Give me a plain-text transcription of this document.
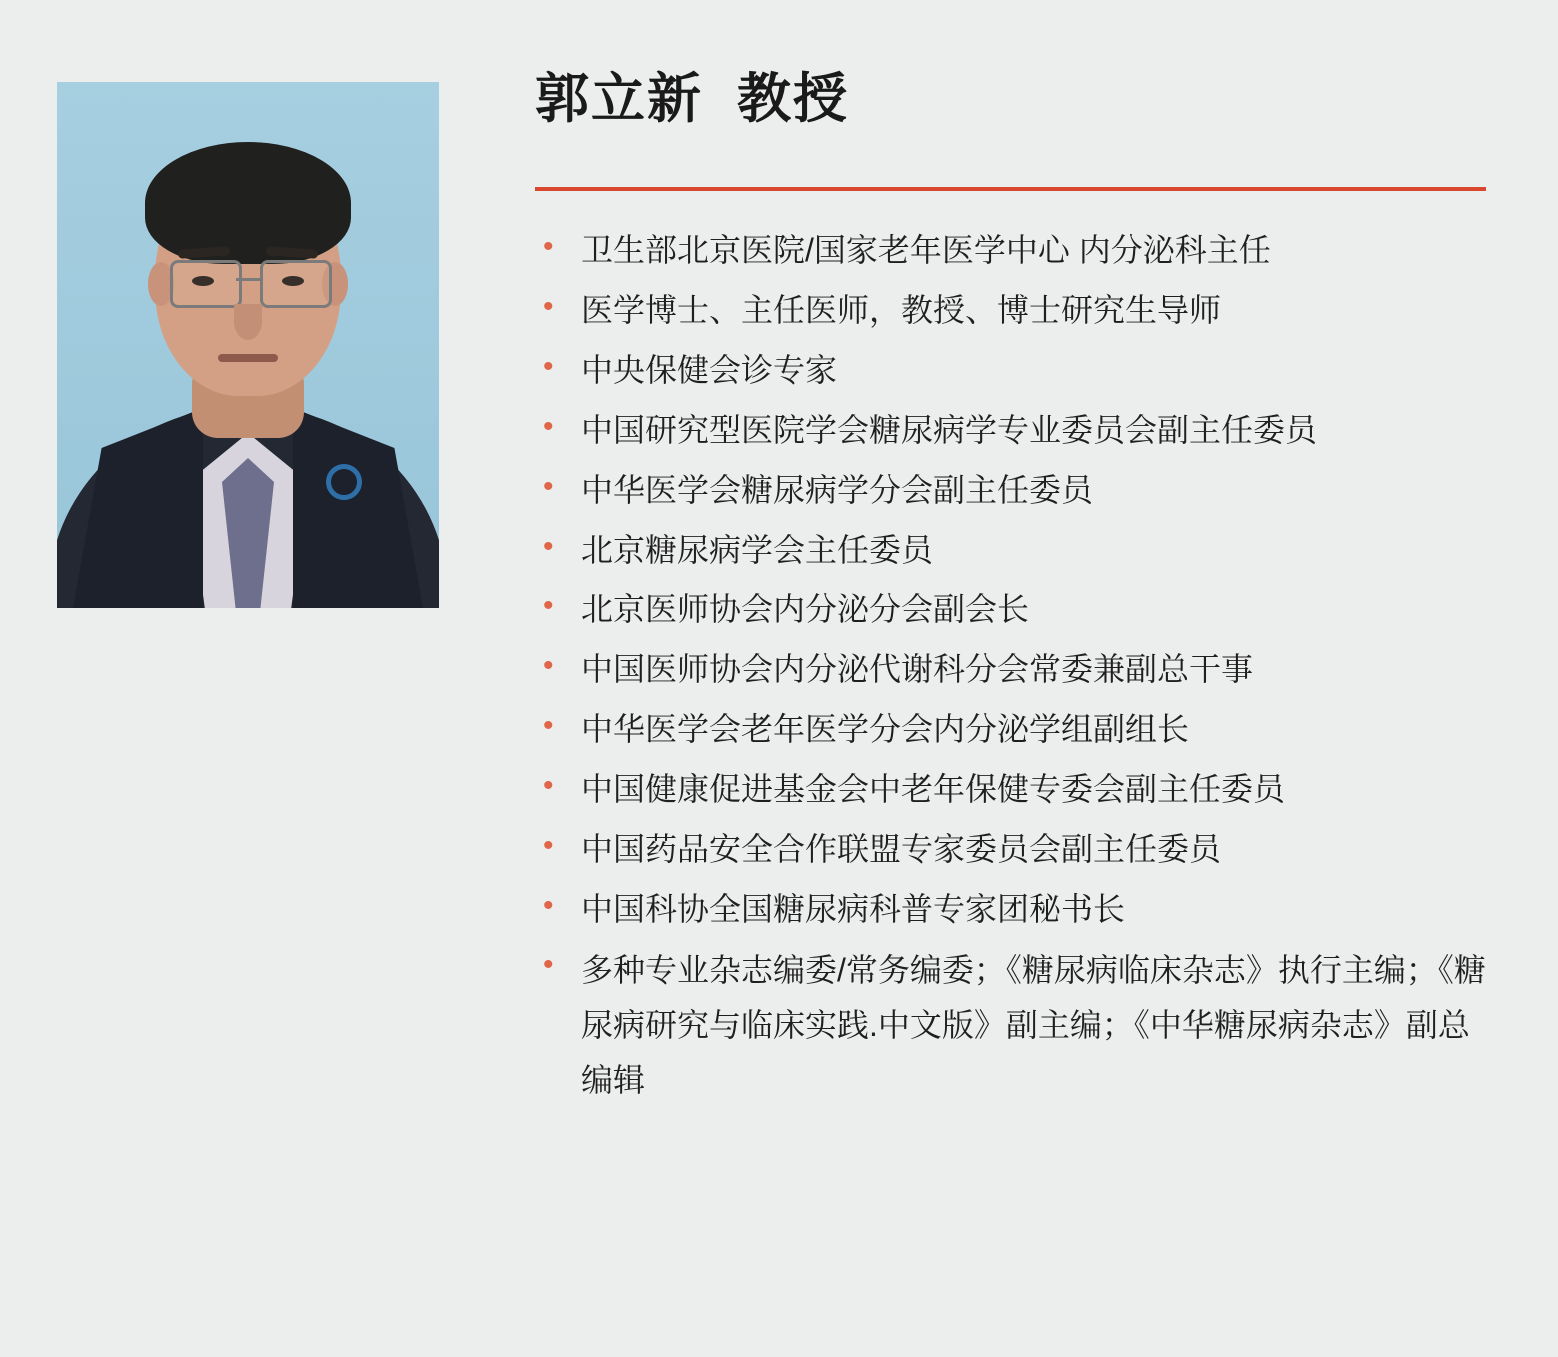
郭立新  教授
• 卫生部北京医院/国家老年医学中心 内分泌科主任
• 医学博士、主任医师，教授、博士研究生导师
• 中央保健会诊专家
• 中国研究型医院学会糖尿病学专业委员会副主任委员
• 中华医学会糖尿病学分会副主任委员
• 北京糖尿病学会主任委员
• 北京医师协会内分泌分会副会长
• 中国医师协会内分泌代谢科分会常委兼副总干事
• 中华医学会老年医学分会内分泌学组副组长
• 中国健康促进基金会中老年保健专委会副主任委员
• 中国药品安全合作联盟专家委员会副主任委员
• 中国科协全国糖尿病科普专家团秘书长
• 多种专业杂志编委/常务编委；《糖尿病临床杂志》执行主编；《糖尿病研究与临床实践.中文版》副主编；《中华糖尿病杂志》副总编辑
